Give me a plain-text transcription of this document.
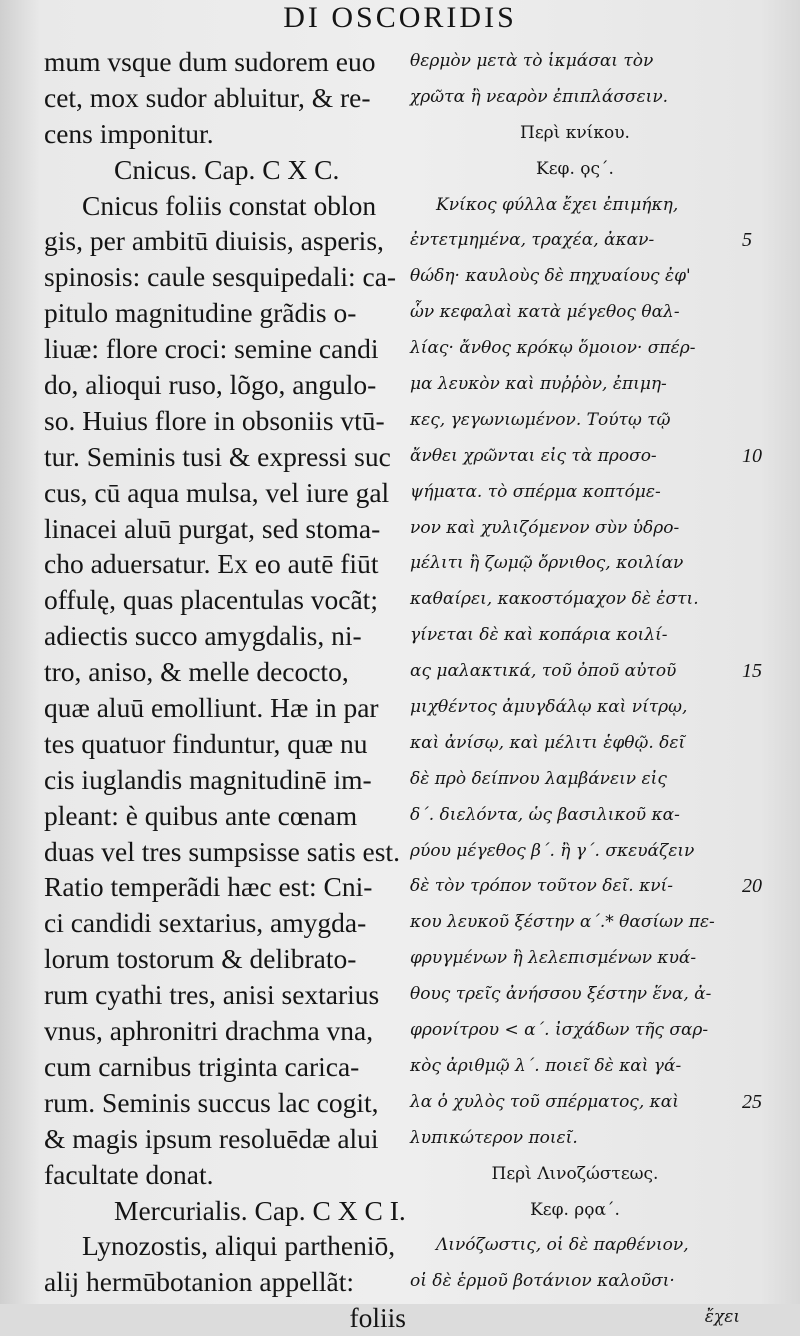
DI OSCORIDIS
mum vsque dum sudorem euo
cet, mox sudor abluitur, & re-
cens imponitur.
Cnicus. Cap. C X C.
Cnicus foliis constat oblon
gis, per ambitū diuisis, asperis,
spinosis: caule sesquipedali: ca-
pitulo magnitudine grãdis o-
liuæ: flore croci: semine candi
do, alioqui ruso, lõgo, angulo-
so. Huius flore in obsoniis vtū-
tur. Seminis tusi & expressi suc
cus, cū aqua mulsa, vel iure gal
linacei aluū purgat, sed stoma-
cho aduersatur. Ex eo autē fiūt
offulę, quas placentulas vocãt;
adiectis succo amygdalis, ni-
tro, aniso, & melle decocto,
quæ aluū emolliunt. Hæ in par
tes quatuor finduntur, quæ nu
cis iuglandis magnitudinē im-
pleant: è quibus ante cœnam
duas vel tres sumpsisse satis est.
Ratio temperãdi hæc est: Cni-
ci candidi sextarius, amygda-
lorum tostorum & delibrato-
rum cyathi tres, anisi sextarius
vnus, aphronitri drachma vna,
cum carnibus triginta carica-
rum. Seminis succus lac cogit,
& magis ipsum resoluēdæ alui
facultate donat.
Mercurialis. Cap. C X C I.
Lynozostis, aliqui partheniō,
alij hermūbotanion appellãt:
foliis
θερμὸν μετὰ τὸ ἱκμάσαι τὸν
χρῶτα ἢ νεαρὸν ἐπιπλάσσειν.
Περὶ κνίκου.
Κεφ. ϙς΄.
Κνίκος φύλλα ἔχει ἐπιμήκη,
ἐντετμημένα, τραχέα, ἀκαν-
θώδη· καυλοὺς δὲ πηχυαίους ἐφ'
ὧν κεφαλαὶ κατὰ μέγεθος θαλ-
λίας· ἄνθος κρόκῳ ὅμοιον· σπέρ-
μα λευκὸν καὶ πυῤῥὸν, ἐπιμη-
κες, γεγωνιωμένον. Τούτῳ τῷ
ἄνθει χρῶνται εἰς τὰ προσο-
ψήματα. τὸ σπέρμα κοπτόμε-
νον καὶ χυλιζόμενον σὺν ὑδρο-
μέλιτι ἢ ζωμῷ ὄρνιθος, κοιλίαν
καθαίρει, κακοστόμαχον δὲ ἐστι.
γίνεται δὲ καὶ κοπάρια κοιλί-
ας μαλακτικά, τοῦ ὀποῦ αὐτοῦ
μιχθέντος ἀμυγδάλῳ καὶ νίτρῳ,
καὶ ἀνίσῳ, καὶ μέλιτι ἑφθῷ. δεῖ
δὲ πρὸ δείπνου λαμβάνειν εἰς
δ΄. διελόντα, ὡς βασιλικοῦ κα-
ρύου μέγεθος β΄. ἢ γ΄. σκευάζειν
δὲ τὸν τρόπον τοῦτον δεῖ. κνί-
κου λευκοῦ ξέστην α΄.* θασίων πε-
φρυγμένων ἢ λελεπισμένων κυά-
θους τρεῖς ἀνήσσου ξέστην ἕνα, ἀ-
φρονίτρου < α΄. ἰσχάδων τῆς σαρ-
κὸς ἀριθμῷ λ΄. ποιεῖ δὲ καὶ γά-
λα ὁ χυλὸς τοῦ σπέρματος, καὶ
λυπικώτερον ποιεῖ.
Περὶ Λινοζώστεως.
Κεφ. ρϙα΄.
Λινόζωστις, οἱ δὲ παρθένιον,
οἱ δὲ ἑρμοῦ βοτάνιον καλοῦσι·
ἔχει
5
10
15
20
25
